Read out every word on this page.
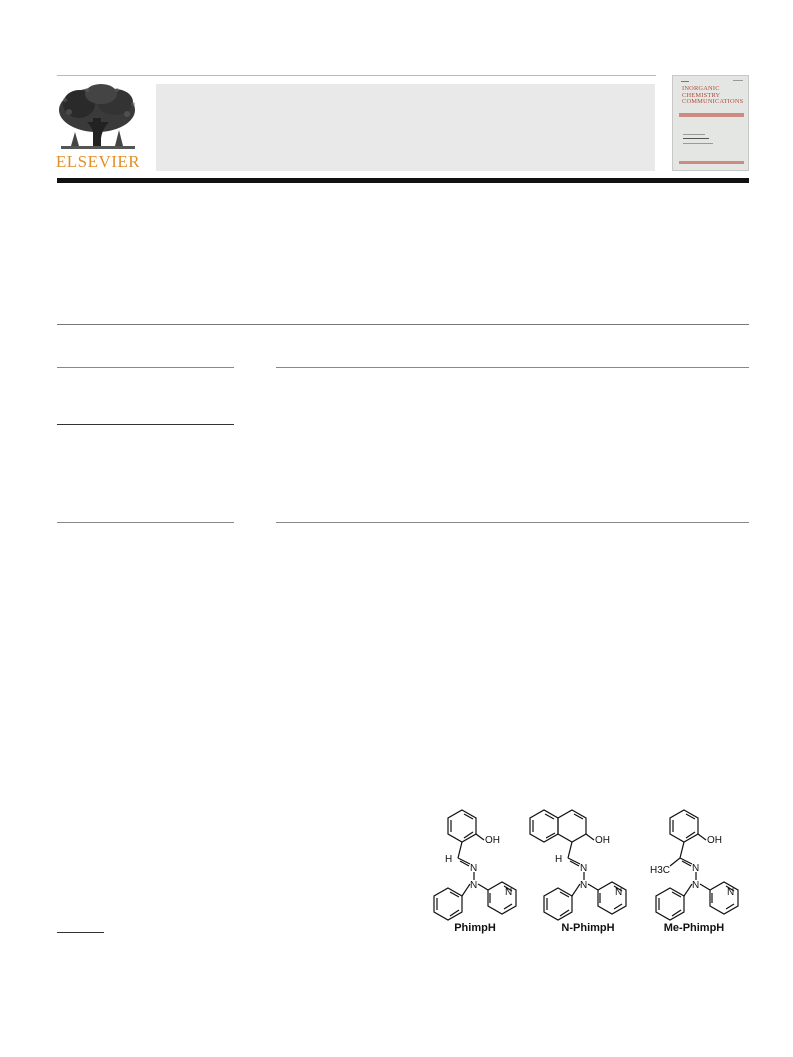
ELSEVIER
INORGANIC
CHEMISTRY
COMMUNICATIONS
OH
H
N
N
N
OH
H
N
N
N
OH
H3C N
N
N
PhimpH	N-PhimpH	Me-PhimpH
